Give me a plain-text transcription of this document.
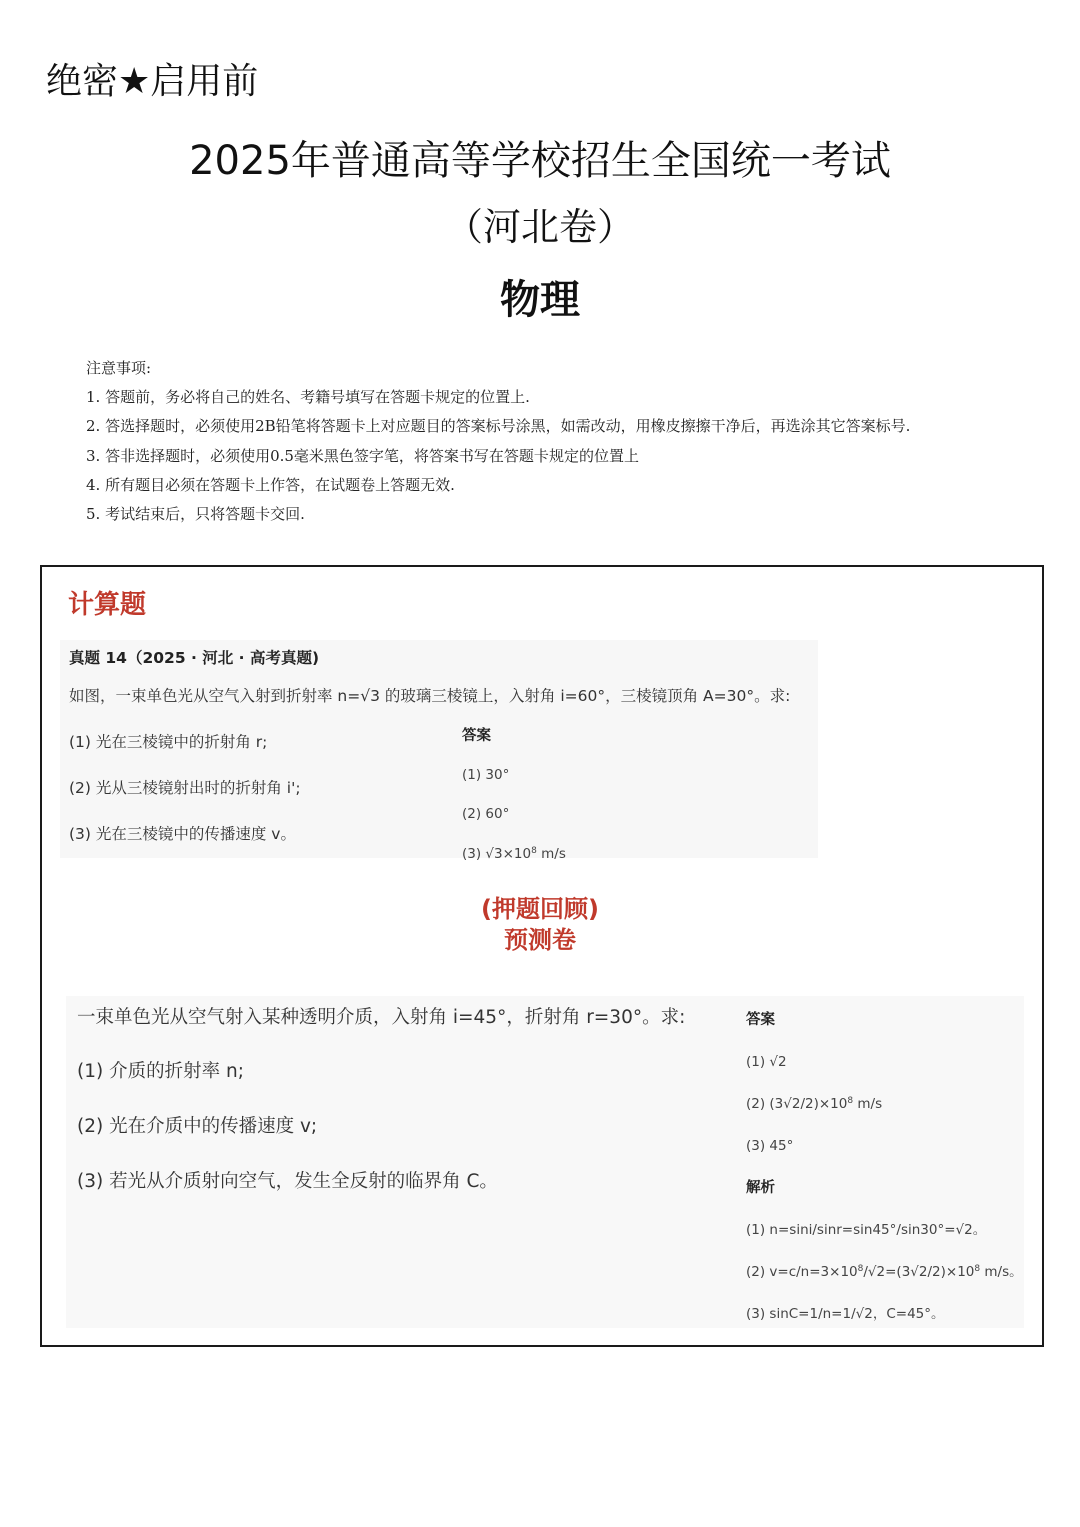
绝密★启用前
2025年普通高等学校招生全国统一考试
（河北卷）
物理
注意事项:
1. 答题前，务必将自己的姓名、考籍号填写在答题卡规定的位置上.
2. 答选择题时，必须使用2B铅笔将答题卡上对应题目的答案标号涂黑，如需改动，用橡皮擦擦干净后，再选涂其它答案标号.
3. 答非选择题时，必须使用0.5毫米黑色签字笔，将答案书写在答题卡规定的位置上
4. 所有题目必须在答题卡上作答，在试题卷上答题无效.
5. 考试结束后，只将答题卡交回.
计算题
真题 14（2025 · 河北 · 高考真题)
如图，一束单色光从空气入射到折射率 n=√3 的玻璃三棱镜上，入射角 i=60°，三棱镜顶角 A=30°。求:
(1) 光在三棱镜中的折射角 r;
(2) 光从三棱镜射出时的折射角 i';
(3) 光在三棱镜中的传播速度 v。
答案
(1) 30°
(2) 60°
(3) $√3\times 10^8$ m/s
(押题回顾)
预测卷
一束单色光从空气射入某种透明介质，入射角 i=45°，折射角 r=30°。求:
(1) 介质的折射率 n;
(2) 光在介质中的传播速度 v;
(3) 若光从介质射向空气，发生全反射的临界角 C。
答案
(1) √2
(2) $(3√2/2)\times 10^8$ m/s
(3) 45°
解析
(1) n=sini/sinr=sin45°/sin30°=√2。
(2) $v=c/n=3\times 10^8/√2=(3√2/2)\times 10^8$ m/s。
(3) sinC=1/n=1/√2，C=45°。
